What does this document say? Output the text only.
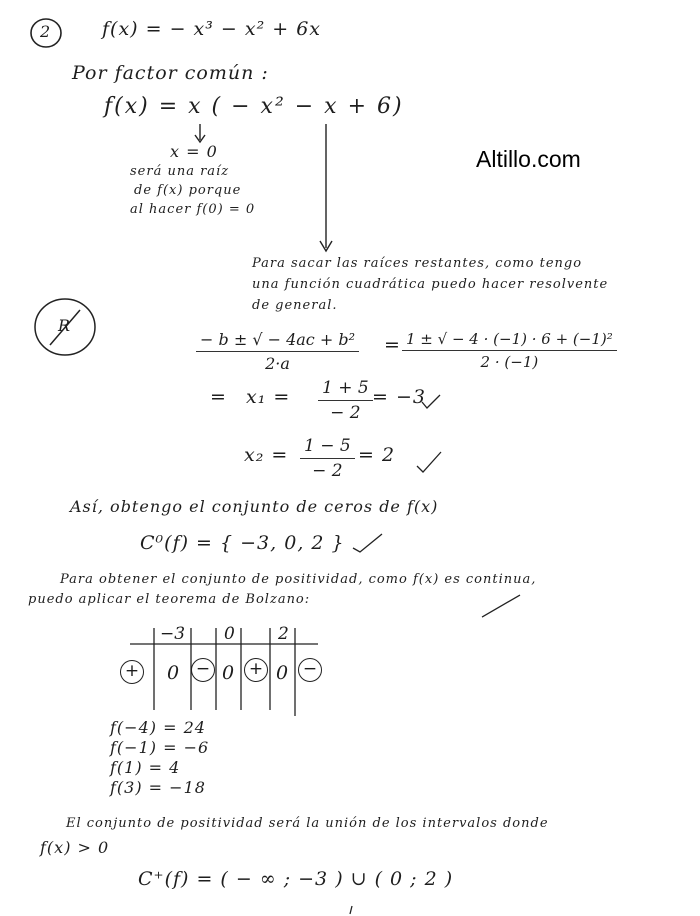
Altillo.com
2	f(x) = − x³ − x² + 6x
Por factor común :
f(x) = x ( − x² − x + 6)
x = 0
será una raíz
de f(x) porque
al hacer f(0) = 0
Para sacar las raíces restantes, como tengo
una función cuadrática puedo hacer resolvente
de general.
R
$\frac{\text{− b ± √ − 4ac + b²}}{2\cdot a} = \frac{\text{1 ± √ − 4 · (−1) · 6 + (−1)²}}{2 \cdot (-1)}$
= $x_1 = \frac{1 + 5}{- 2} = -3$
$x_2 = \frac{1 - 5}{- 2} = 2$
Así, obtengo el conjunto de ceros de f(x)
C⁰(f) = { −3, 0, 2 }
Para obtener el conjunto de positividad, como f(x) es continua,
puedo aplicar el teorema de Bolzano:
−3 0	2
+ 0 − 0 + 0 −
f(−4) = 24
f(−1) = −6
f(1) = 4
f(3) = −18
El conjunto de positividad será la unión de los intervalos donde
f(x) > 0
C⁺(f) = ( − ∞ ; −3 ) ∪ ( 0 ; 2 )
